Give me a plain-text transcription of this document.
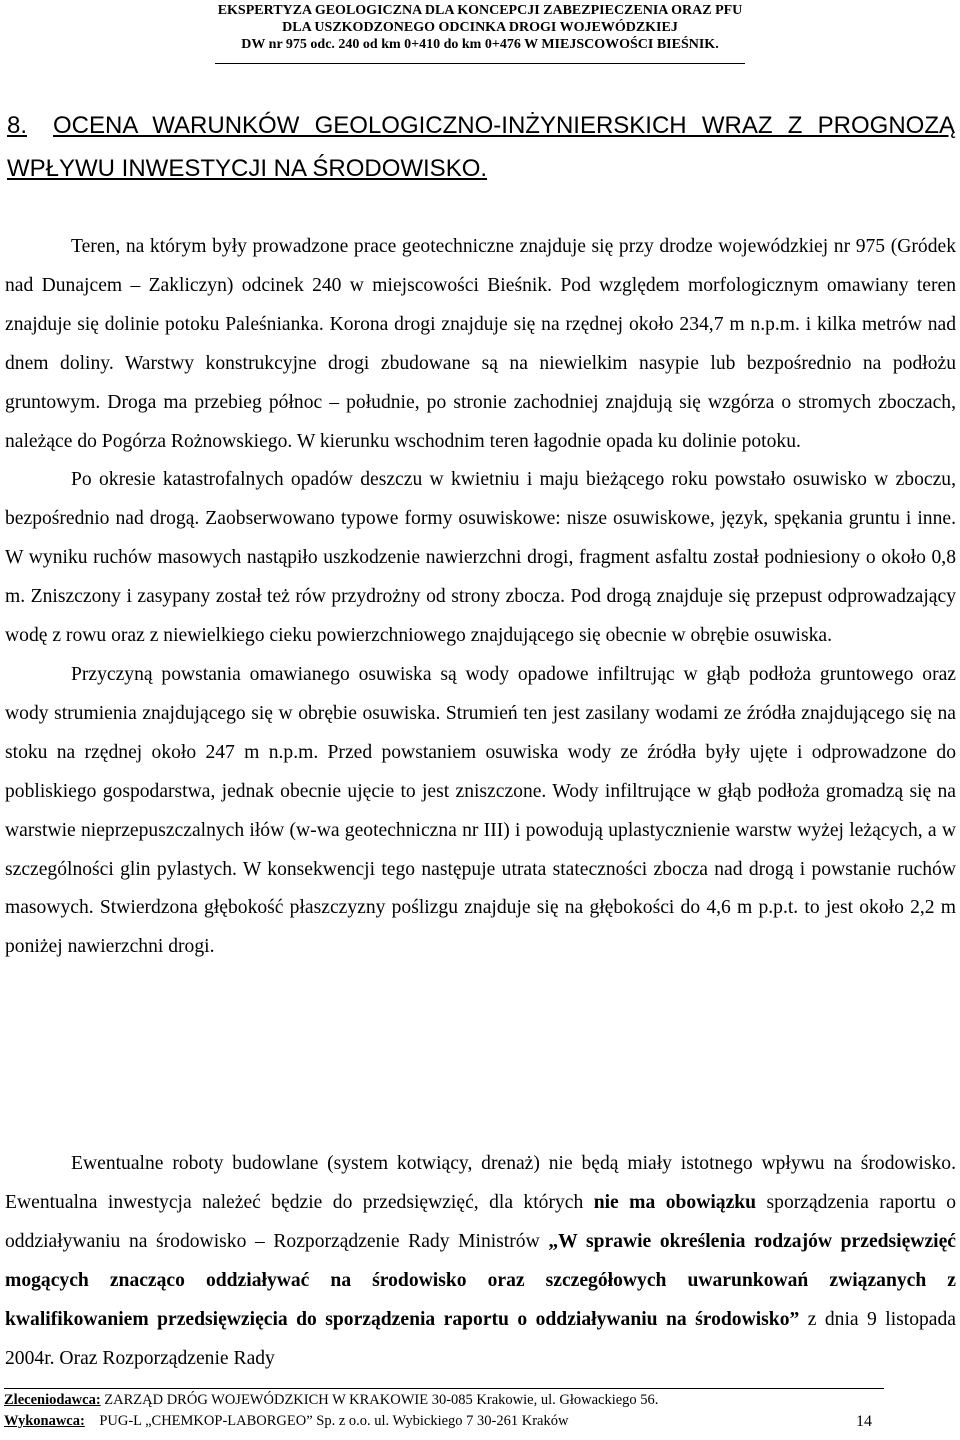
EKSPERTYZA GEOLOGICZNA DLA KONCEPCJI ZABEZPIECZENIA ORAZ PFU
DLA USZKODZONEGO ODCINKA DROGI WOJEWÓDZKIEJ
DW nr 975 odc. 240 od km 0+410 do km 0+476 W MIEJSCOWOŚCI BIEŚNIK.
8. OCENA WARUNKÓW GEOLOGICZNO-INŻYNIERSKICH WRAZ Z PROGNOZĄ WPŁYWU INWESTYCJI NA ŚRODOWISKO.

Teren, na którym były prowadzone prace geotechniczne znajduje się przy drodze wojewódzkiej nr 975 (Gródek nad Dunajcem – Zakliczyn) odcinek 240 w miejscowości Bieśnik. Pod względem morfologicznym omawiany teren znajduje się dolinie potoku Paleśnianka. Korona drogi znajduje się na rzędnej około 234,7 m n.p.m. i kilka metrów nad dnem doliny. Warstwy konstrukcyjne drogi zbudowane są na niewielkim nasypie lub bezpośrednio na podłożu gruntowym. Droga ma przebieg północ – południe, po stronie zachodniej znajdują się wzgórza o stromych zboczach, należące do Pogórza Rożnowskiego. W kierunku wschodnim teren łagodnie opada ku dolinie potoku.

Po okresie katastrofalnych opadów deszczu w kwietniu i maju bieżącego roku powstało osuwisko w zboczu, bezpośrednio nad drogą. Zaobserwowano typowe formy osuwiskowe: nisze osuwiskowe, język, spękania gruntu i inne. W wyniku ruchów masowych nastąpiło uszkodzenie nawierzchni drogi, fragment asfaltu został podniesiony o około 0,8 m. Zniszczony i zasypany został też rów przydrożny od strony zbocza. Pod drogą znajduje się przepust odprowadzający wodę z rowu oraz z niewielkiego cieku powierzchniowego znajdującego się obecnie w obrębie osuwiska.

Przyczyną powstania omawianego osuwiska są wody opadowe infiltrując w głąb podłoża gruntowego oraz wody strumienia znajdującego się w obrębie osuwiska. Strumień ten jest zasilany wodami ze źródła znajdującego się na stoku na rzędnej około 247 m n.p.m. Przed powstaniem osuwiska wody ze źródła były ujęte i odprowadzone do pobliskiego gospodarstwa, jednak obecnie ujęcie to jest zniszczone. Wody infiltrujące w głąb podłoża gromadzą się na warstwie nieprzepuszczalnych iłów (w-wa geotechniczna nr III) i powodują uplastycznienie warstw wyżej leżących, a w szczególności glin pylastych. W konsekwencji tego następuje utrata stateczności zbocza nad drogą i powstanie ruchów masowych. Stwierdzona głębokość płaszczyzny poślizgu znajduje się na głębokości do 4,6 m p.p.t. to jest około 2,2 m poniżej nawierzchni drogi.

Ewentualne roboty budowlane (system kotwiący, drenaż) nie będą miały istotnego wpływu na środowisko. Ewentualna inwestycja należeć będzie do przedsięwzięć, dla których nie ma obowiązku sporządzenia raportu o oddziaływaniu na środowisko – Rozporządzenie Rady Ministrów „W sprawie określenia rodzajów przedsięwzięć mogących znacząco oddziaływać na środowisko oraz szczegółowych uwarunkowań związanych z kwalifikowaniem przedsięwzięcia do sporządzenia raportu o oddziaływaniu na środowisko” z dnia 9 listopada 2004r. Oraz Rozporządzenie Rady

Zleceniodawca: ZARZĄD DRÓG WOJEWÓDZKICH W KRAKOWIE 30-085 Krakowie, ul. Głowackiego 56.
Wykonawca: PUG-L „CHEMKOP-LABORGEO” Sp. z o.o. ul. Wybickiego 7 30-261 Kraków	14
